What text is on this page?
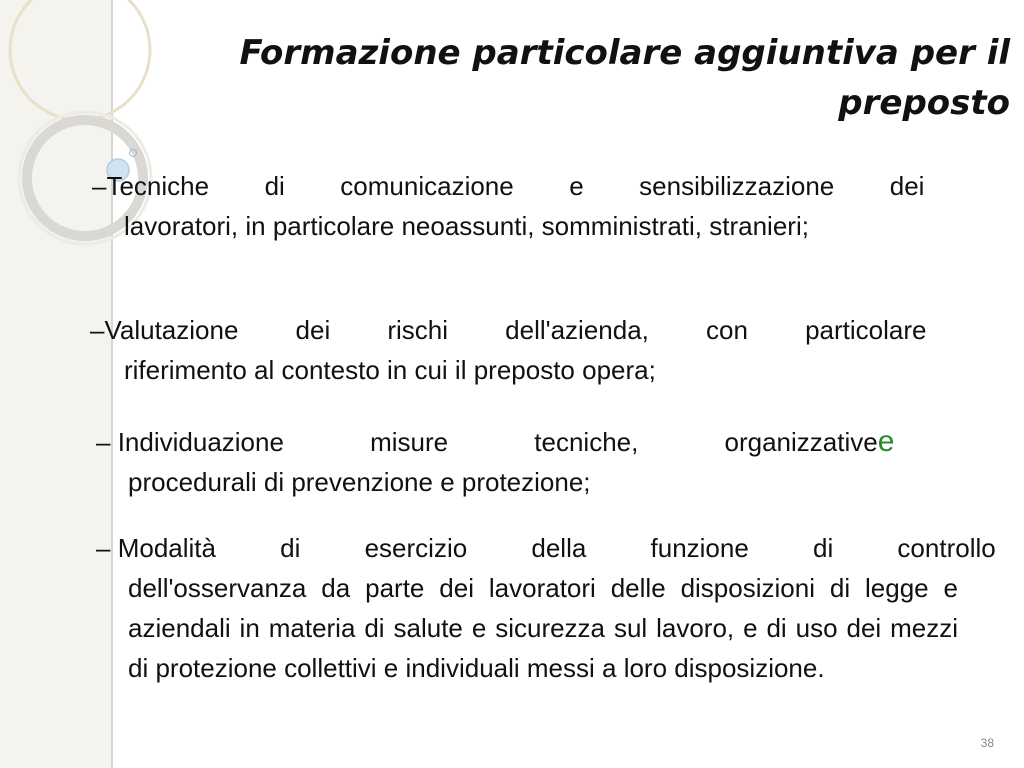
Formazione particolare aggiuntiva per il preposto
–Tecniche di comunicazione e sensibilizzazione dei
lavoratori, in particolare neoassunti, somministrati, stranieri;
–Valutazione dei rischi dell'azienda, con particolare
riferimento al contesto in cui il preposto opera;
– Individuazione misure tecniche, organizzativee
procedurali di prevenzione e protezione;
– Modalità di esercizio della funzione di controllo
dell'osservanza da parte dei lavoratori delle disposizioni di legge e aziendali in materia di salute e sicurezza sul lavoro, e di uso dei mezzi di protezione collettivi e individuali messi a loro disposizione.
38
